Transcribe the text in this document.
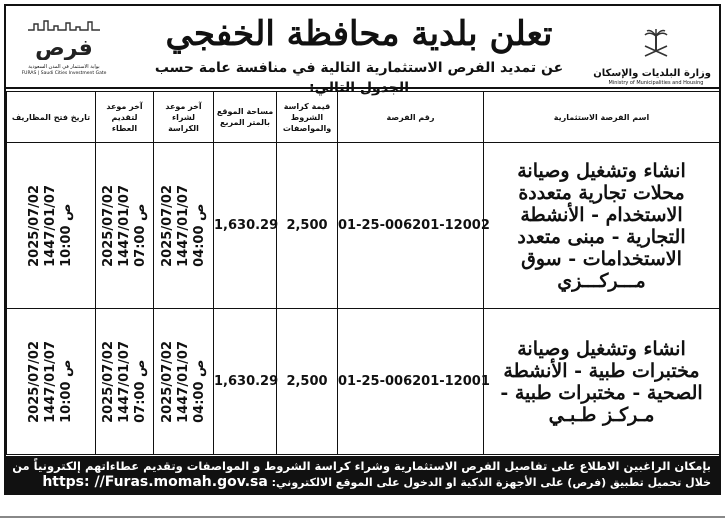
وزارة البلديات والإسكان
Ministry of Municipalities and Housing
تعلن بلدية محافظة الخفجي
عن تمديد الفرص الاستثمارية التالية في منافسة عامة حسب الجدول التالي:
فرص
بوابة الاستثمار في المدن السعودية
FURAS | Saudi Cities Investment Gate
اسم الفرصة الاستثمارية	رقم الفرصة	قيمة كراسة الشروط والمواصفات	مساحة الموقع بالمتر المربع	آخر موعد لشراء الكراسة	آخر موعد لتقديم العطاء	تاريخ فتح المظاريف
انشاء وتشغيل وصيانة محلات تجارية متعددة الاستخدام - الأنشطة التجارية - مبنى متعدد الاستخدامات - سوق مـــركـــزي	01-25-006201-12002	2,500	1,630.29	2025/07/02
1447/01/07
04:00 ص	2025/07/02
1447/01/07
07:00 ص	2025/07/02
1447/01/07
10:00 ص

انشاء وتشغيل وصيانة مختبرات طبية - الأنشطة الصحية - مختبرات طبية - مـركـز طـبـي	01-25-006201-12001	2,500	1,630.29	2025/07/02
1447/01/07
04:00 ص	2025/07/02
1447/01/07
07:00 ص	2025/07/02
1447/01/07
10:00 ص
بإمكان الراغبين الاطلاع على تفاصيل الفرص الاستثمارية وشراء كراسة الشروط و المواصفات وتقديم عطاءاتهم إلكترونياً من
خلال تحميل تطبيق (فرص) على الأجهزة الذكية او الدخول على الموقع الالكتروني: https: //Furas.momah.gov.sa
